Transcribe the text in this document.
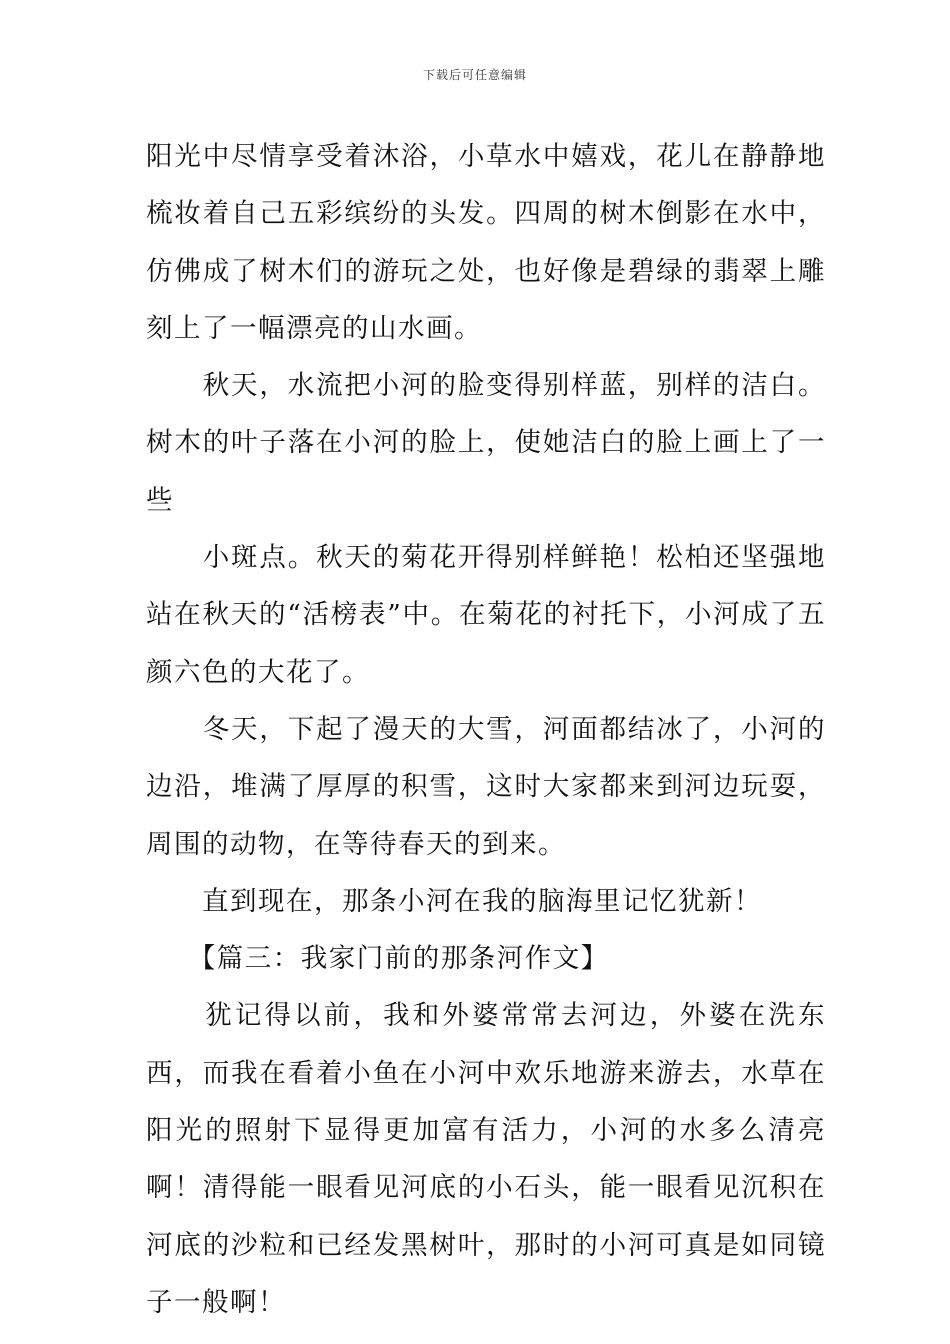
下载后可任意编辑

阳光中尽情享受着沐浴，小草水中嬉戏，花儿在静静地梳妆着自己五彩缤纷的头发。四周的树木倒影在水中，仿佛成了树木们的游玩之处，也好像是碧绿的翡翠上雕刻上了一幅漂亮的山水画。

　　秋天，水流把小河的脸变得别样蓝，别样的洁白。树木的叶子落在小河的脸上，使她洁白的脸上画上了一些

　　小斑点。秋天的菊花开得别样鲜艳！松柏还坚强地站在秋天的“活榜表”中。在菊花的衬托下，小河成了五颜六色的大花了。

　　冬天，下起了漫天的大雪，河面都结冰了，小河的边沿，堆满了厚厚的积雪，这时大家都来到河边玩耍，周围的动物，在等待春天的到来。

　　直到现在，那条小河在我的脑海里记忆犹新！

　　【篇三：我家门前的那条河作文】

　　犹记得以前，我和外婆常常去河边，外婆在洗东西，而我在看着小鱼在小河中欢乐地游来游去，水草在阳光的照射下显得更加富有活力，小河的水多么清亮啊！清得能一眼看见河底的小石头，能一眼看见沉积在河底的沙粒和已经发黑树叶，那时的小河可真是如同镜子一般啊！
